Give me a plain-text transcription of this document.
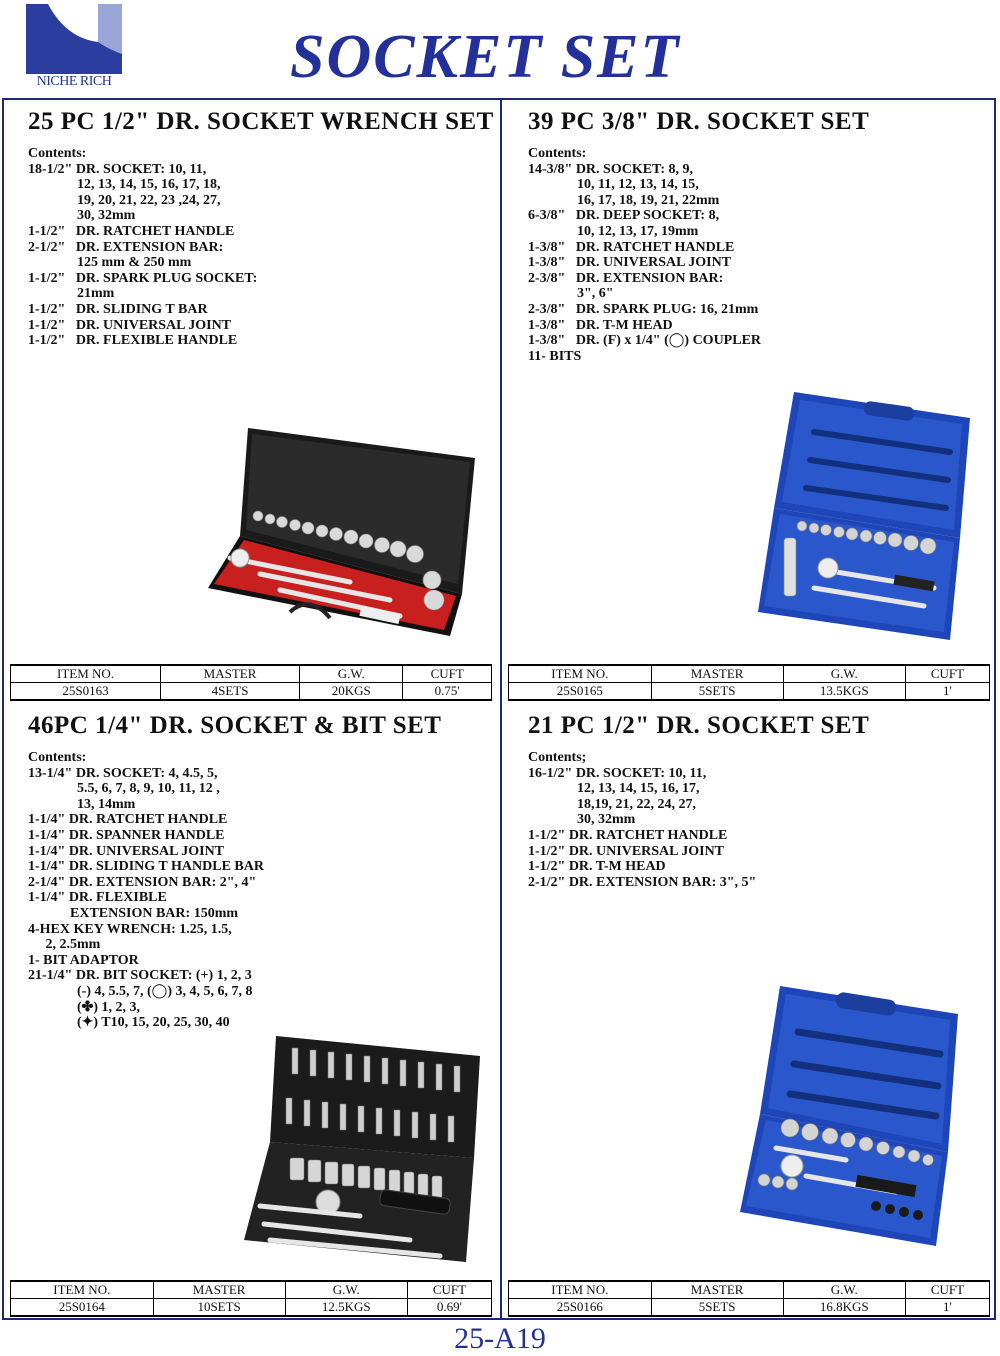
NICHE RICH	SOCKET SET
25 PC 1/2" DR. SOCKET WRENCH SET
Contents:
18-1/2" DR. SOCKET: 10, 11,
12, 13, 14, 15, 16, 17, 18,
19, 20, 21, 22, 23 ,24, 27,
30, 32mm
1-1/2"   DR. RATCHET HANDLE
2-1/2"   DR. EXTENSION BAR:
125 mm & 250 mm
1-1/2"   DR. SPARK PLUG SOCKET:
21mm
1-1/2"   DR. SLIDING T BAR
1-1/2"   DR. UNIVERSAL JOINT
1-1/2"   DR. FLEXIBLE HANDLE
39 PC 3/8" DR. SOCKET SET
Contents:
14-3/8" DR. SOCKET: 8, 9,
10, 11, 12, 13, 14, 15,
16, 17, 18, 19, 21, 22mm
6-3/8"   DR. DEEP SOCKET: 8,
10, 12, 13, 17, 19mm
1-3/8"   DR. RATCHET HANDLE
1-3/8"   DR. UNIVERSAL JOINT
2-3/8"   DR. EXTENSION BAR:
3", 6"
2-3/8"   DR. SPARK PLUG: 16, 21mm
1-3/8"   DR. T-M HEAD
1-3/8"   DR. (F) x 1/4" (◯) COUPLER
11- BITS
ITEM NO.	MASTER	G.W.	CUFT
25S0163	4SETS	20KGS	0.75'
ITEM NO.	MASTER	G.W.	CUFT
25S0165	5SETS	13.5KGS	1'
46PC 1/4" DR. SOCKET & BIT SET
Contents:
13-1/4" DR. SOCKET: 4, 4.5, 5,
5.5, 6, 7, 8, 9, 10, 11, 12 ,
13, 14mm
1-1/4" DR. RATCHET HANDLE
1-1/4" DR. SPANNER HANDLE
1-1/4" DR. UNIVERSAL JOINT
1-1/4" DR. SLIDING T HANDLE BAR
2-1/4" DR. EXTENSION BAR: 2", 4"
1-1/4" DR. FLEXIBLE
EXTENSION BAR: 150mm
4-HEX KEY WRENCH: 1.25, 1.5,
2, 2.5mm
1- BIT ADAPTOR
21-1/4" DR. BIT SOCKET: (+) 1, 2, 3
(-) 4, 5.5, 7, (◯) 3, 4, 5, 6, 7, 8
(✤) 1, 2, 3,
(✦) T10, 15, 20, 25, 30, 40
21 PC 1/2" DR. SOCKET SET
Contents;
16-1/2" DR. SOCKET: 10, 11,
12, 13, 14, 15, 16, 17,
18,19, 21, 22, 24, 27,
30, 32mm
1-1/2" DR. RATCHET HANDLE
1-1/2" DR. UNIVERSAL JOINT
1-1/2" DR. T-M HEAD
2-1/2" DR. EXTENSION BAR: 3", 5"
ITEM NO.	MASTER	G.W.	CUFT
25S0164	10SETS	12.5KGS	0.69'
ITEM NO.	MASTER	G.W.	CUFT
25S0166	5SETS	16.8KGS	1'
25-A19
